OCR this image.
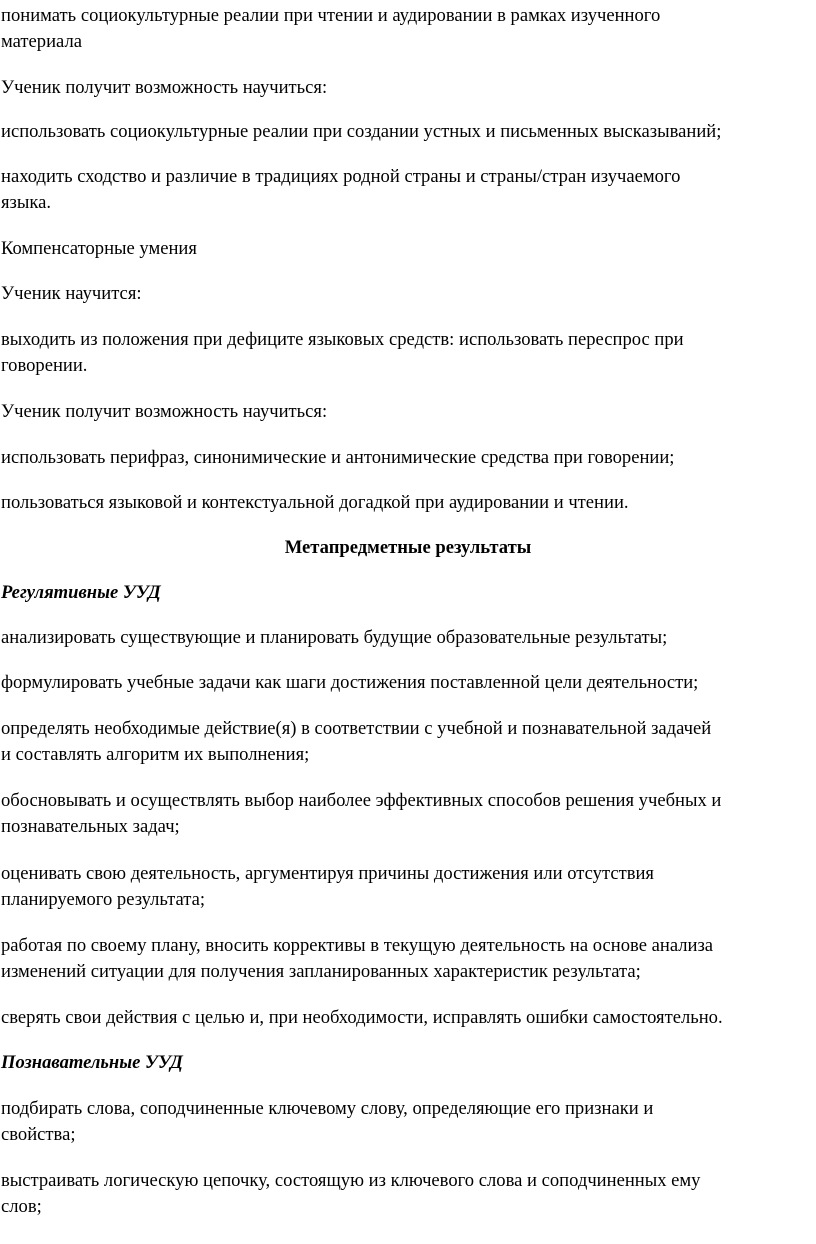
понимать социокультурные реалии при чтении и аудировании в рамках изученного
материала

Ученик получит возможность научиться:

использовать социокультурные реалии при создании устных и письменных высказываний;

находить сходство и различие в традициях родной страны и страны/стран изучаемого
языка.

Компенсаторные умения

Ученик научится:

выходить из положения при дефиците языковых средств: использовать переспрос при
говорении.

Ученик получит возможность научиться:

использовать перифраз, синонимические и антонимические средства при говорении;

пользоваться языковой и контекстуальной догадкой при аудировании и чтении.

Метапредметные результаты

Регулятивные УУД

анализировать существующие и планировать будущие образовательные результаты;

формулировать учебные задачи как шаги достижения поставленной цели деятельности;

определять необходимые действие(я) в соответствии с учебной и познавательной задачей
и составлять алгоритм их выполнения;

обосновывать и осуществлять выбор наиболее эффективных способов решения учебных и
познавательных задач;

оценивать свою деятельность, аргументируя причины достижения или отсутствия
планируемого результата;

работая по своему плану, вносить коррективы в текущую деятельность на основе анализа
изменений ситуации для получения запланированных характеристик результата;

сверять свои действия с целью и, при необходимости, исправлять ошибки самостоятельно.

Познавательные УУД

подбирать слова, соподчиненные ключевому слову, определяющие его признаки и
свойства;

выстраивать логическую цепочку, состоящую из ключевого слова и соподчиненных ему
слов;
